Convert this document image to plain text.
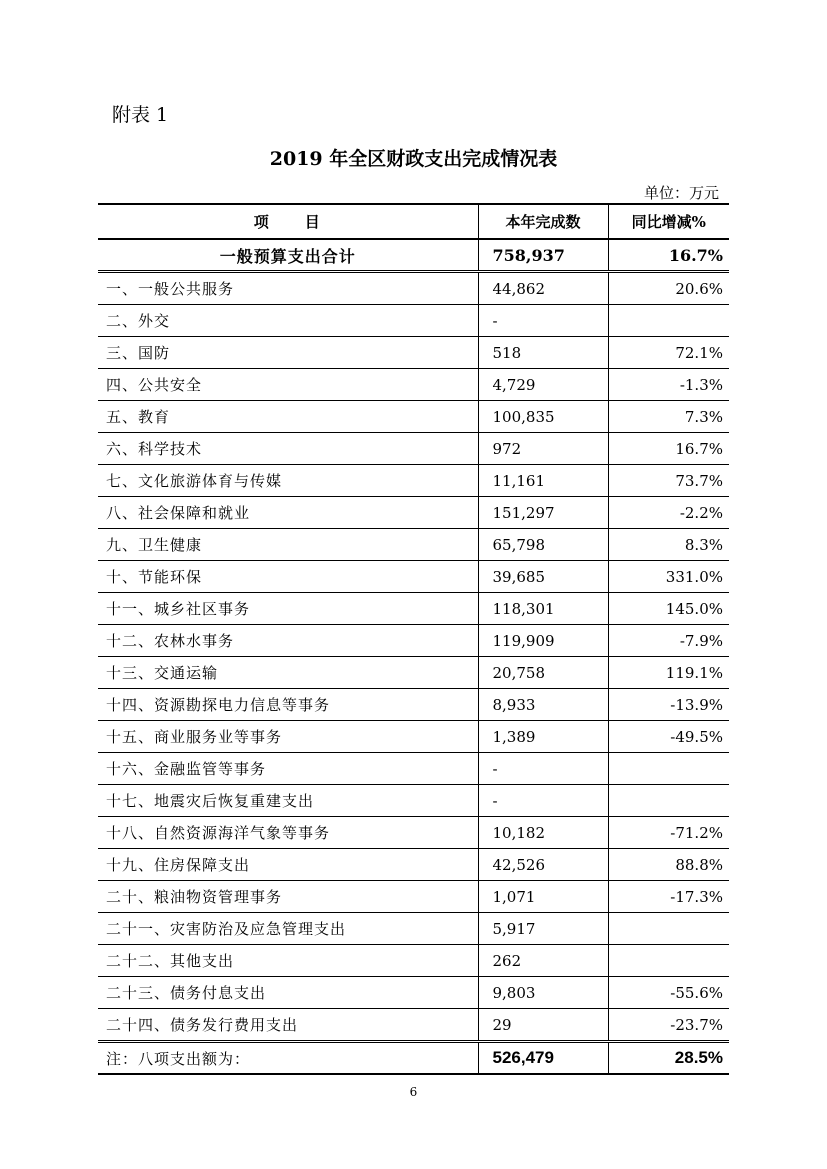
附表 1
2019 年全区财政支出完成情况表
单位：万元
项　　目	本年完成数	同比增减%
一般预算支出合计	758,937	16.7%
一、一般公共服务	44,862	20.6%
二、外交	-	
三、国防	518	72.1%
四、公共安全	4,729	-1.3%
五、教育	100,835	7.3%
六、科学技术	972	16.7%
七、文化旅游体育与传媒	11,161	73.7%
八、社会保障和就业	151,297	-2.2%
九、卫生健康	65,798	8.3%
十、节能环保	39,685	331.0%
十一、城乡社区事务	118,301	145.0%
十二、农林水事务	119,909	-7.9%
十三、交通运输	20,758	119.1%
十四、资源勘探电力信息等事务	8,933	-13.9%
十五、商业服务业等事务	1,389	-49.5%
十六、金融监管等事务	-	
十七、地震灾后恢复重建支出	-	
十八、自然资源海洋气象等事务	10,182	-71.2%
十九、住房保障支出	42,526	88.8%
二十、粮油物资管理事务	1,071	-17.3%
二十一、灾害防治及应急管理支出	5,917	
二十二、其他支出	262	
二十三、债务付息支出	9,803	-55.6%
二十四、债务发行费用支出	29	-23.7%
注：八项支出额为：	526,479	28.5%
6
